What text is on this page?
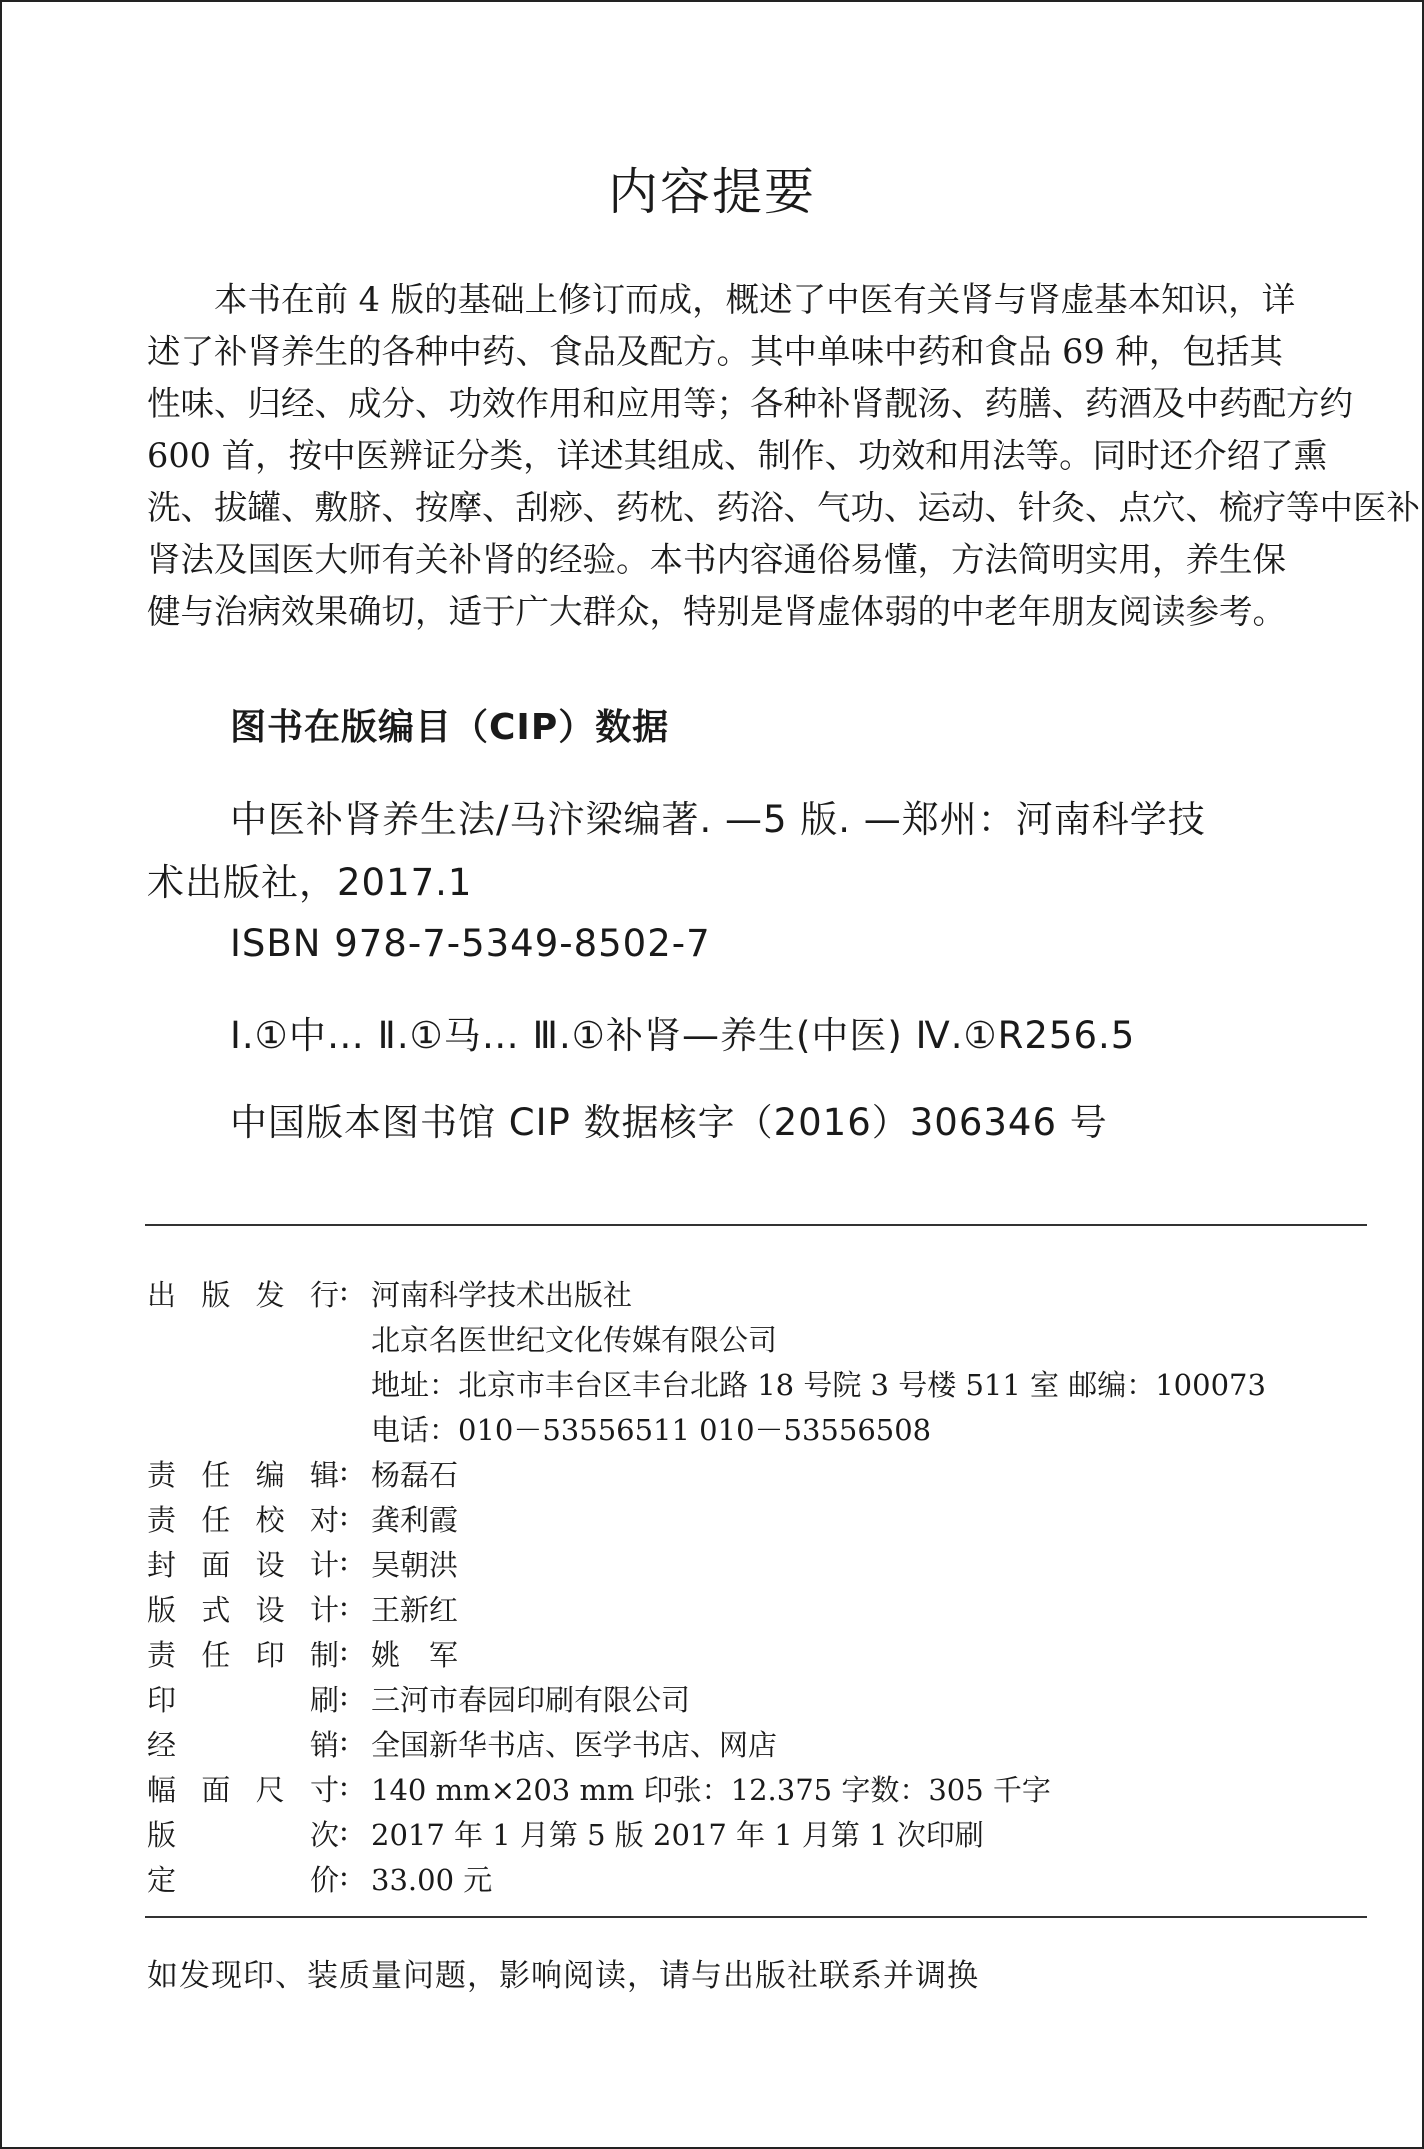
内容提要

本书在前 4 版的基础上修订而成，概述了中医有关肾与肾虚基本知识，详
述了补肾养生的各种中药、食品及配方。其中单味中药和食品 69 种，包括其
性味、归经、成分、功效作用和应用等；各种补肾靓汤、药膳、药酒及中药配方约
600 首，按中医辨证分类，详述其组成、制作、功效和用法等。同时还介绍了熏
洗、拔罐、敷脐、按摩、刮痧、药枕、药浴、气功、运动、针灸、点穴、梳疗等中医补
肾法及国医大师有关补肾的经验。本书内容通俗易懂，方法简明实用，养生保
健与治病效果确切，适于广大群众，特别是肾虚体弱的中老年朋友阅读参考。

图书在版编目（CIP）数据
中医补肾养生法/马汴梁编著. —5 版. —郑州：河南科学技
术出版社，2017.1
ISBN 978-7-5349-8502-7
Ⅰ.①中… Ⅱ.①马… Ⅲ.①补肾—养生(中医) Ⅳ.①R256.5
中国版本图书馆 CIP 数据核字（2016）306346 号
出版发行 : 河南科学技术出版社
北京名医世纪文化传媒有限公司
地址：北京市丰台区丰台北路 18 号院 3 号楼 511 室 邮编：100073
电话：010－53556511 010－53556508
责任编辑 : 杨磊石
责任校对 : 龚利霞
封面设计 : 吴朝洪
版式设计 : 王新红
责任印制 : 姚　军
印刷 : 三河市春园印刷有限公司
经销 : 全国新华书店、医学书店、网店
幅面尺寸 : 140 mm×203 mm 印张：12.375 字数：305 千字
版次 : 2017 年 1 月第 5 版 2017 年 1 月第 1 次印刷
定价 : 33.00 元
如发现印、装质量问题，影响阅读，请与出版社联系并调换
